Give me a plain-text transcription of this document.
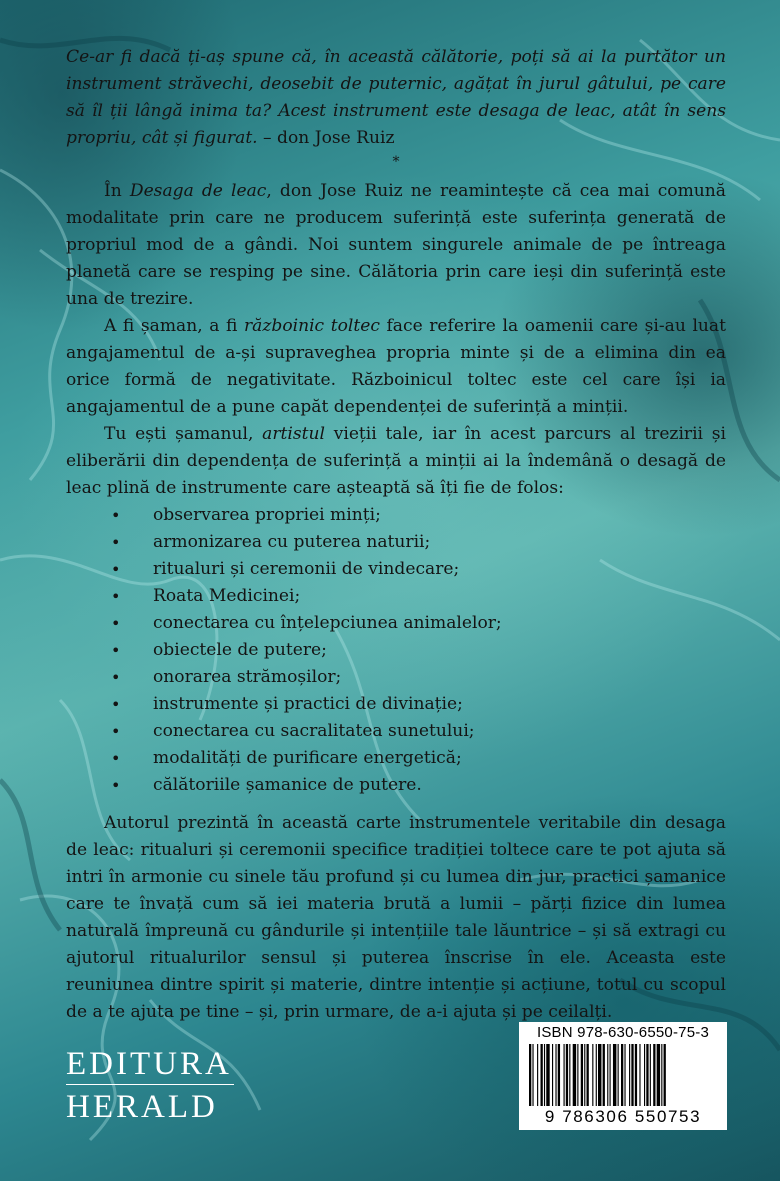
Ce-ar fi dacă ți-aș spune că, în această călătorie, poți să ai la purtător un instrument străvechi, deosebit de puternic, agățat în jurul gâtului, pe care să îl ții lângă inima ta? Acest instrument este desaga de leac, atât în sens propriu, cât și figurat. – don Jose Ruiz

*

În Desaga de leac, don Jose Ruiz ne reamintește că cea mai comună modalitate prin care ne producem suferință este suferința generată de propriul mod de a gândi. Noi suntem singurele animale de pe întreaga planetă care se resping pe sine. Călătoria prin care ieși din suferință este una de trezire.

A fi șaman, a fi războinic toltec face referire la oamenii care și-au luat angajamentul de a-și supraveghea propria minte și de a elimina din ea orice formă de negativitate. Războinicul toltec este cel care își ia angajamentul de a pune capăt dependenței de suferință a minții.

Tu ești șamanul, artistul vieții tale, iar în acest parcurs al trezirii și eliberării din dependența de suferință a minții ai la îndemână o desagă de leac plină de instrumente care așteaptă să îți fie de folos:

• observarea propriei minți;
• armonizarea cu puterea naturii;
• ritualuri și ceremonii de vindecare;
• Roata Medicinei;
• conectarea cu înțelepciunea animalelor;
• obiectele de putere;
• onorarea strămoșilor;
• instrumente și practici de divinație;
• conectarea cu sacralitatea sunetului;
• modalități de purificare energetică;
• călătoriile șamanice de putere.

Autorul prezintă în această carte instrumentele veritabile din desaga de leac: ritualuri și ceremonii specifice tradiției toltece care te pot ajuta să intri în armonie cu sinele tău profund și cu lumea din jur, practici șamanice care te învață cum să iei materia brută a lumii – părți fizice din lumea naturală împreună cu gândurile și intențiile tale lăuntrice – și să extragi cu ajutorul ritualurilor sensul și puterea înscrise în ele. Aceasta este reuniunea dintre spirit și materie, dintre intenție și acțiune, totul cu scopul de a te ajuta pe tine – și, prin urmare, de a-i ajuta și pe ceilalți.

EDITURA
HERALD
ISBN 978-630-6550-75-3
9 786306 550753
